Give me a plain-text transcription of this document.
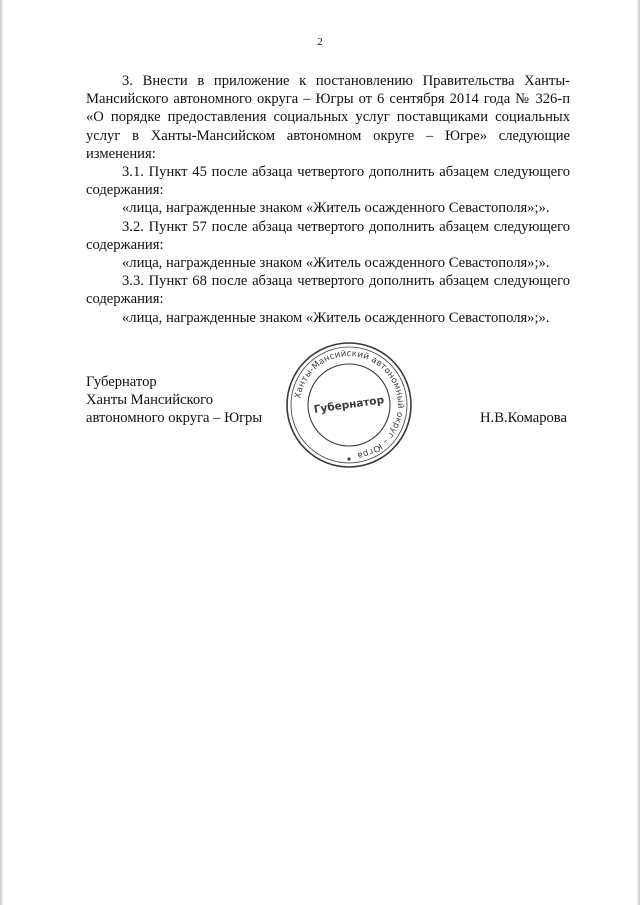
2

3. Внести в приложение к постановлению Правительства Ханты-Мансийского автономного округа – Югры от 6 сентября 2014 года № 326-п «О порядке предоставления социальных услуг поставщиками социальных услуг в Ханты-Мансийском автономном округе – Югре» следующие изменения:

3.1. Пункт 45 после абзаца четвертого дополнить абзацем следующего содержания:

«лица, награжденные знаком «Житель осажденного Севастополя»;».

3.2. Пункт 57 после абзаца четвертого дополнить абзацем следующего содержания:

«лица, награжденные знаком «Житель осажденного Севастополя»;».

3.3. Пункт 68 после абзаца четвертого дополнить абзацем следующего содержания:

«лица, награжденные знаком «Житель осажденного Севастополя»;».

Губернатор
Ханты Мансийского
автономного округа – Югры	Н.В.Комарова
Ханты-Мансийский автономный округ – Югра
Губернатор
